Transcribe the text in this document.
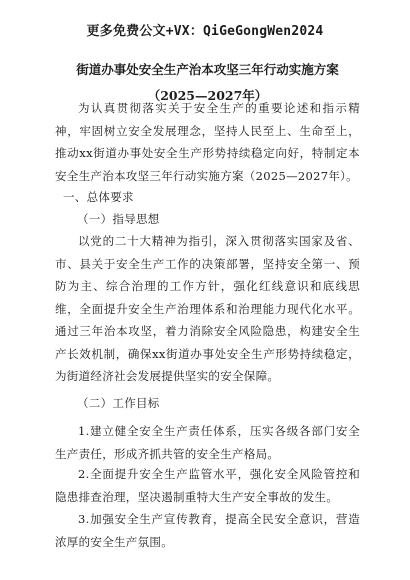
更多免费公文+VX：QiGeGongWen2024
街道办事处安全生产治本攻坚三年行动实施方案（2025—2027年）
为认真贯彻落实关于安全生产的重要论述和指示精神，牢固树立安全发展理念，坚持人民至上、生命至上，推动xx街道办事处安全生产形势持续稳定向好，特制定本安全生产治本攻坚三年行动实施方案（2025—2027年）。
一、总体要求
（一）指导思想
以党的二十大精神为指引，深入贯彻落实国家及省、市、县关于安全生产工作的决策部署，坚持安全第一、预防为主、综合治理的工作方针，强化红线意识和底线思维，全面提升安全生产治理体系和治理能力现代化水平。通过三年治本攻坚，着力消除安全风险隐患，构建安全生产长效机制，确保xx街道办事处安全生产形势持续稳定，为街道经济社会发展提供坚实的安全保障。
（二）工作目标
1.建立健全安全生产责任体系，压实各级各部门安全生产责任，形成齐抓共管的安全生产格局。
2.全面提升安全生产监管水平，强化安全风险管控和隐患排查治理，坚决遏制重特大生产安全事故的发生。
3.加强安全生产宣传教育，提高全民安全意识，营造浓厚的安全生产氛围。
